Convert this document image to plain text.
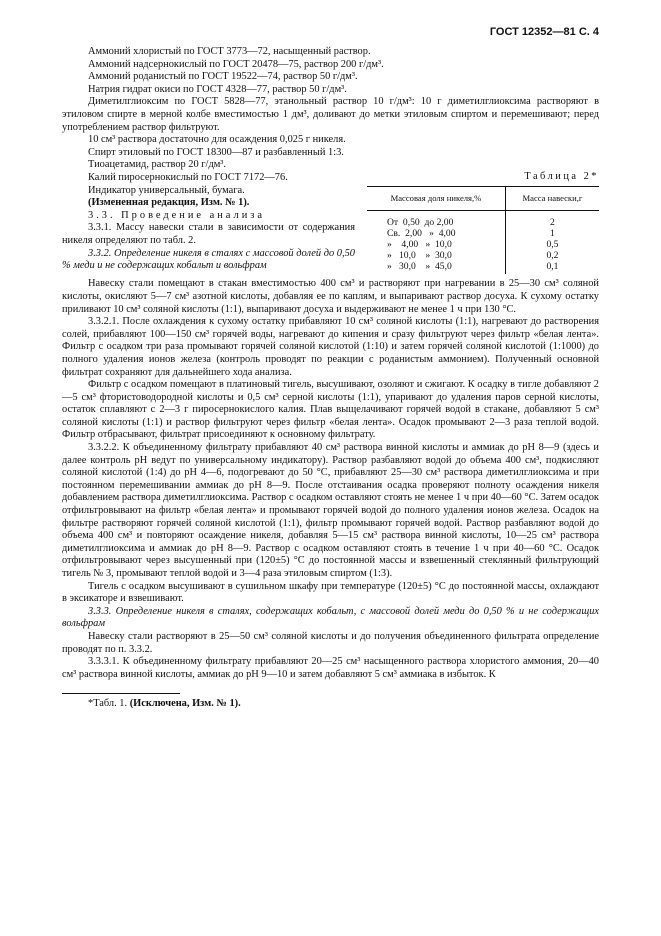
ГОСТ 12352—81 С. 4

Аммоний хлористый по ГОСТ 3773—72, насыщенный раствор.

Аммоний надсернокислый по ГОСТ 20478—75, раствор 200 г/дм³.

Аммоний роданистый по ГОСТ 19522—74, раствор 50 г/дм³.

Натрия гидрат окиси по ГОСТ 4328—77, раствор 50 г/дм³.

Диметилглиоксим по ГОСТ 5828—77, этанольный раствор 10 г/дм³: 10 г диметилглиоксима растворяют в этиловом спирте в мерной колбе вместимостью 1 дм³, доливают до метки этиловым спиртом и перемешивают; перед употреблением раствор фильтруют.

10 см³ раствора достаточно для осаждения 0,025 г никеля.

Таблица 2*
Массовая доля никеля,%	Масса навески,г
От  0,50  до 2,00	2
Св.  2,00   »  4,00	1
»    4,00   »  10,0	0,5
»   10,0    »  30,0	0,2
»   30,0    »  45,0	0,1

Спирт этиловый по ГОСТ 18300—87 и разбавленный 1:3.

Тиоацетамид, раствор 20 г/дм³.

Калий пиросернокислый по ГОСТ 7172—76.

Индикатор универсальный, бумага.

(Измененная редакция, Изм. № 1).

3.3. Проведение анализа

3.3.1. Массу навески стали в зависимости от содержания никеля определяют по табл. 2.

3.3.2. Определение никеля в сталях с массовой долей до 0,50 % меди и не содержащих кобальт и вольфрам

Навеску стали помещают в стакан вместимостью 400 см³ и растворяют при нагревании в 25—30 см³ соляной кислоты, окисляют 5—7 см³ азотной кислоты, добавляя ее по каплям, и выпаривают раствор досуха. К сухому остатку приливают 10 см³ соляной кислоты (1:1), выпаривают досуха и выдерживают не менее 1 ч при 130 °С.

3.3.2.1. После охлаждения к сухому остатку прибавляют 10 см³ соляной кислоты (1:1), нагревают до растворения солей, прибавляют 100—150 см³ горячей воды, нагревают до кипения и сразу фильтруют через фильтр «белая лента». Фильтр с осадком три раза промывают горячей соляной кислотой (1:10) и затем горячей соляной кислотой (1:1000) до полного удаления ионов железа (контроль проводят по реакции с роданистым аммонием). Полученный основной фильтрат сохраняют для дальнейшего хода анализа.

Фильтр с осадком помещают в платиновый тигель, высушивают, озоляют и сжигают. К осадку в тигле добавляют 2—5 см³ фтористоводородной кислоты и 0,5 см³ серной кислоты (1:1), упаривают до удаления паров серной кислоты, остаток сплавляют с 2—3 г пиросернокислого калия. Плав выщелачивают горячей водой в стакане, добавляют 5 см³ соляной кислоты (1:1) и раствор фильтруют через фильтр «белая лента». Осадок промывают 2—3 раза теплой водой. Фильтр отбрасывают, фильтрат присоединяют к основному фильтрату.

3.3.2.2. К объединенному фильтрату прибавляют 40 см³ раствора винной кислоты и аммиак до рН 8—9 (здесь и далее контроль рН ведут по универсальному индикатору). Раствор разбавляют водой до объема 400 см³, подкисляют соляной кислотой (1:4) до рН 4—6, подогревают до 50 °С, прибавляют 25—30 см³ раствора диметилглиоксима и при постоянном перемешивании аммиак до рН 8—9. После отстаивания осадка проверяют полноту осаждения никеля добавлением раствора диметилглиоксима. Раствор с осадком оставляют стоять не менее 1 ч при 40—60 °С. Затем осадок отфильтровывают на фильтр «белая лента» и промывают горячей водой до полного удаления ионов железа. Осадок на фильтре растворяют горячей соляной кислотой (1:1), фильтр промывают горячей водой. Раствор разбавляют водой до объема 400 см³ и повторяют осаждение никеля, добавляя 5—15 см³ раствора винной кислоты, 10—25 см³ раствора диметилглиоксима и аммиак до рН 8—9. Раствор с осадком оставляют стоять в течение 1 ч при 40—60 °С. Осадок отфильтровывают через высушенный при (120±5) °С до постоянной массы и взвешенный стеклянный фильтрующий тигель № 3, промывают теплой водой и 3—4 раза этиловым спиртом (1:3).

Тигель с осадком высушивают в сушильном шкафу при температуре (120±5) °С до постоянной массы, охлаждают в эксикаторе и взвешивают.

3.3.3. Определение никеля в сталях, содержащих кобальт, с массовой долей меди до 0,50 % и не содержащих вольфрам

Навеску стали растворяют в 25—50 см³ соляной кислоты и до получения объединенного фильтрата определение проводят по п. 3.3.2.

3.3.3.1. К объединенному фильтрату прибавляют 20—25 см³ насыщенного раствора хлористого аммония, 20—40 см³ раствора винной кислоты, аммиак до рН 9—10 и затем добавляют 5 см³ аммиака в избыток. К

*Табл. 1. (Исключена, Изм. № 1).
